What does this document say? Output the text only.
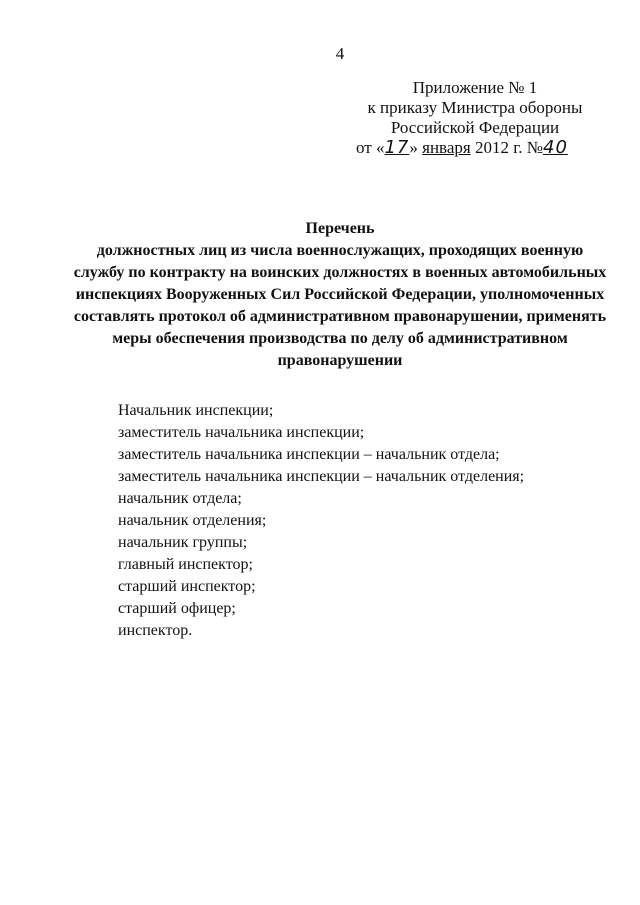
4
Приложение № 1
к приказу Министра обороны
Российской Федерации
от «17» января 2012 г. №40
Перечень
должностных лиц из числа военнослужащих, проходящих военную службу по контракту на воинских должностях в военных автомобильных инспекциях Вооруженных Сил Российской Федерации, уполномоченных составлять протокол об административном правонарушении, применять меры обеспечения производства по делу об административном правонарушении
Начальник инспекции;
заместитель начальника инспекции;
заместитель начальника инспекции – начальник отдела;
заместитель начальника инспекции – начальник отделения;
начальник отдела;
начальник отделения;
начальник группы;
главный инспектор;
старший инспектор;
старший офицер;
инспектор.
